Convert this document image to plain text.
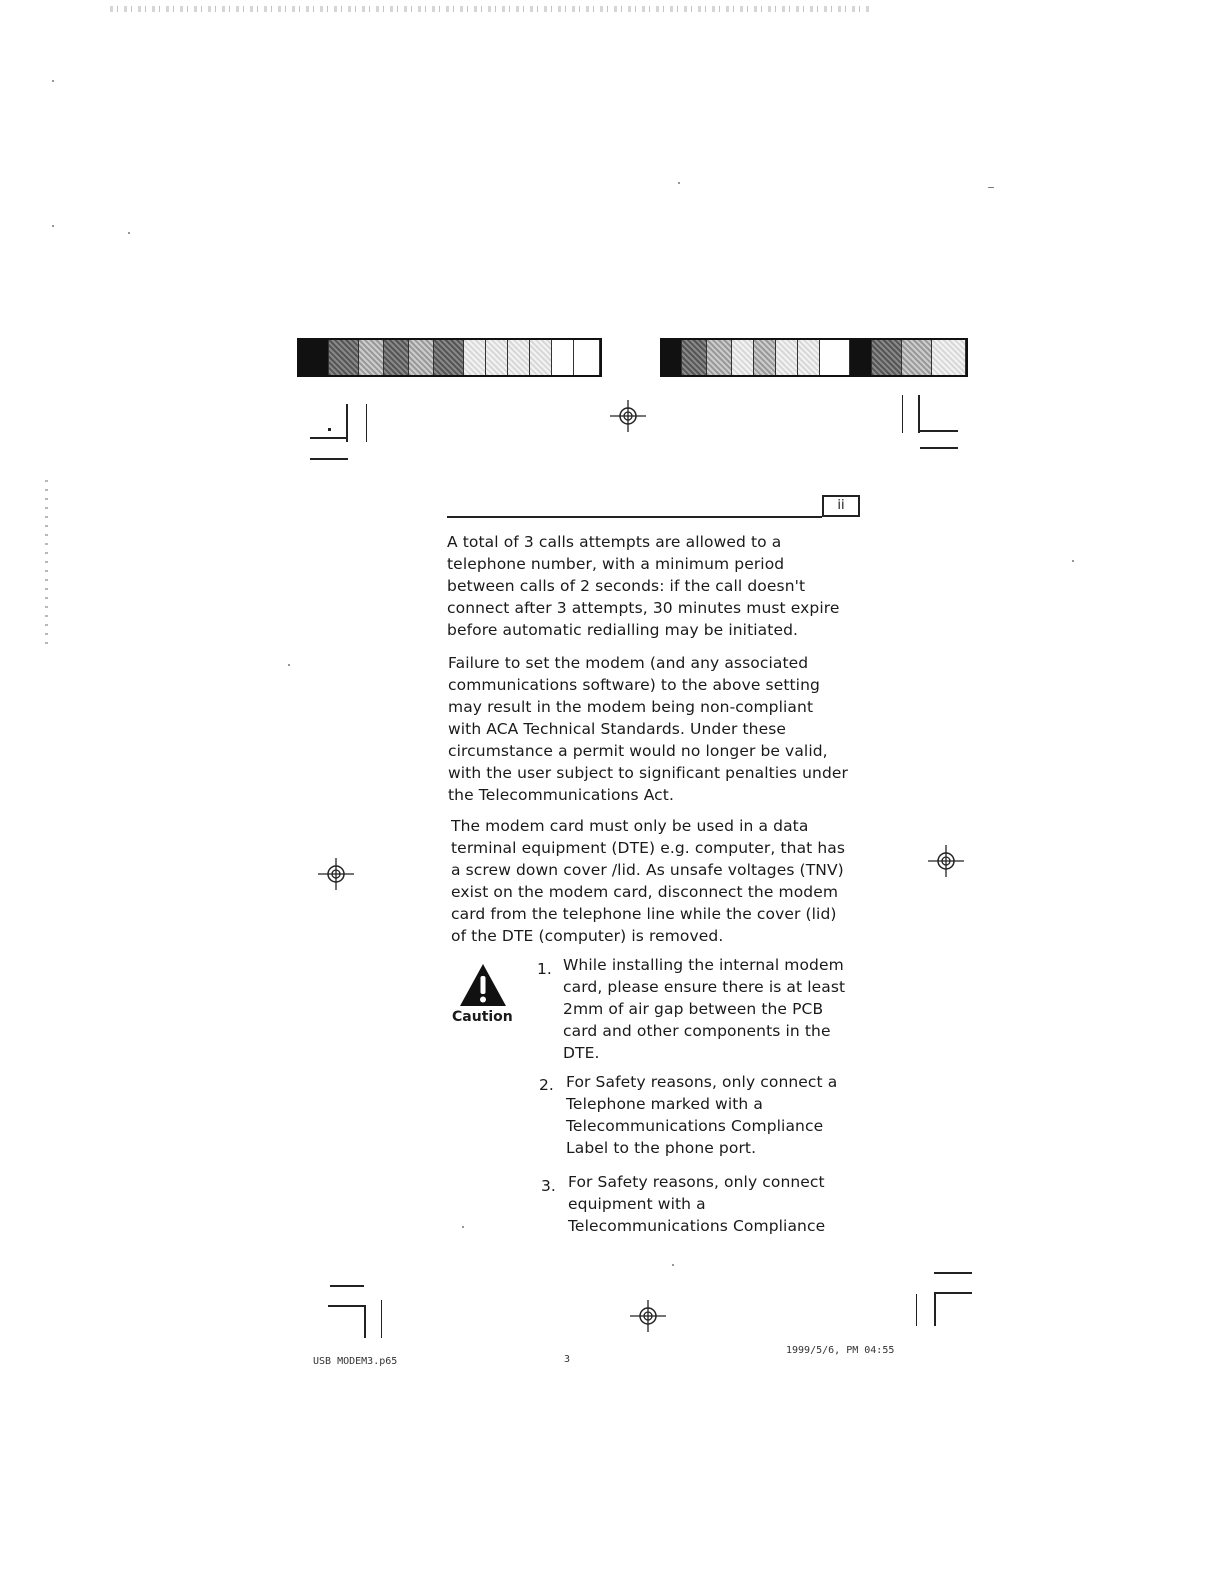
ii
A total of 3 calls attempts are allowed to a
telephone number, with a minimum period
between calls of 2 seconds: if the call doesn't
connect after 3 attempts, 30 minutes must expire
before automatic redialling may be initiated.
Failure to set the modem (and any associated
communications software) to the above setting
may result in the modem being non-compliant
with ACA Technical Standards. Under these
circumstance a permit would no longer be valid,
with the user subject to significant penalties under
the Telecommunications Act.
The modem card must only be used in a data
terminal equipment (DTE) e.g. computer, that has
a screw down cover /lid. As unsafe voltages (TNV)
exist on the modem card, disconnect the modem
card from the telephone line while the cover (lid)
of the DTE (computer) is removed.
Caution
1. While installing the internal modem
card, please ensure there is at least
2mm of air gap between the PCB
card and other components in the
DTE.
2. For Safety reasons, only connect a
Telephone marked with a
Telecommunications Compliance
Label to the phone port.
3. For Safety reasons, only connect
equipment with a
Telecommunications Compliance
USB MODEM3.p65	3
1999/5/6, PM 04:55
